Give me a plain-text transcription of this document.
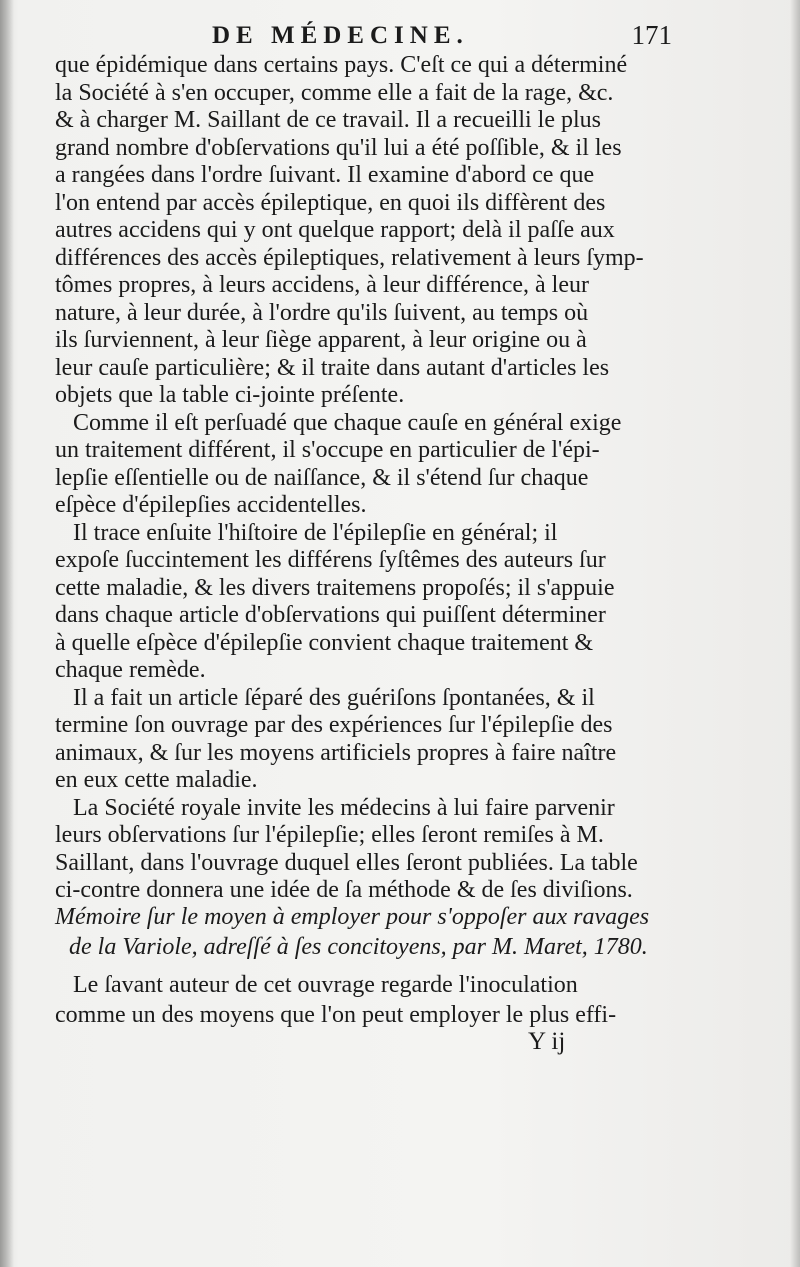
DE MÉDECINE.	171
que épidémique dans certains pays. C'eſt ce qui a déterminé
la Société à s'en occuper, comme elle a fait de la rage, &c.
& à charger M. Saillant de ce travail. Il a recueilli le plus
grand nombre d'obſervations qu'il lui a été poſſible, & il les
a rangées dans l'ordre ſuivant. Il examine d'abord ce que
l'on entend par accès épileptique, en quoi ils diffèrent des
autres accidens qui y ont quelque rapport; delà il paſſe aux
différences des accès épileptiques, relativement à leurs ſymp-
tômes propres, à leurs accidens, à leur différence, à leur
nature, à leur durée, à l'ordre qu'ils ſuivent, au temps où
ils ſurviennent, à leur ſiège apparent, à leur origine ou à
leur cauſe particulière; & il traite dans autant d'articles les
objets que la table ci-jointe préſente.
Comme il eſt perſuadé que chaque cauſe en général exige
un traitement différent, il s'occupe en particulier de l'épi-
lepſie eſſentielle ou de naiſſance, & il s'étend ſur chaque
eſpèce d'épilepſies accidentelles.
Il trace enſuite l'hiſtoire de l'épilepſie en général; il
expoſe ſuccintement les différens ſyſtêmes des auteurs ſur
cette maladie, & les divers traitemens propoſés; il s'appuie
dans chaque article d'obſervations qui puiſſent déterminer
à quelle eſpèce d'épilepſie convient chaque traitement &
chaque remède.
Il a fait un article ſéparé des guériſons ſpontanées, & il
termine ſon ouvrage par des expériences ſur l'épilepſie des
animaux, & ſur les moyens artificiels propres à faire naître
en eux cette maladie.
La Société royale invite les médecins à lui faire parvenir
leurs obſervations ſur l'épilepſie; elles ſeront remiſes à M.
Saillant, dans l'ouvrage duquel elles ſeront publiées. La table
ci-contre donnera une idée de ſa méthode & de ſes diviſions.
Mémoire ſur le moyen à employer pour s'oppoſer aux ravages
de la Variole, adreſſé à ſes concitoyens, par M. Maret, 1780.
Le ſavant auteur de cet ouvrage regarde l'inoculation
comme un des moyens que l'on peut employer le plus effi-
Y ij
